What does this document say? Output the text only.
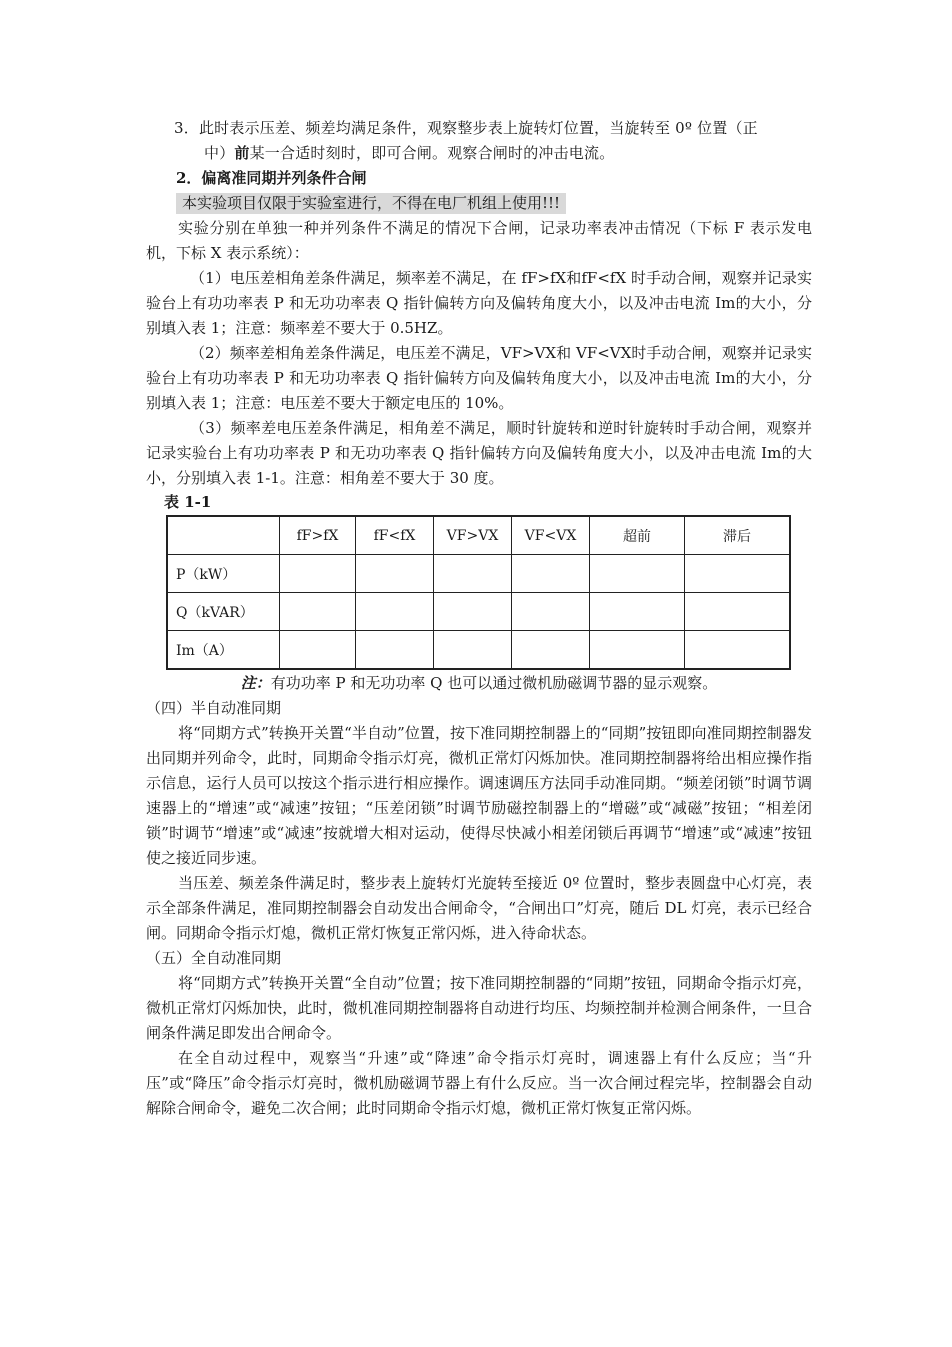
3．此时表示压差、频差均满足条件，观察整步表上旋转灯位置，当旋转至 0º 位置（正
中）前某一合适时刻时，即可合闸。观察合闸时的冲击电流。
2．偏离准同期并列条件合闸
本实验项目仅限于实验室进行，不得在电厂机组上使用!!!
实验分别在单独一种并列条件不满足的情况下合闸，记录功率表冲击情况（下标 F 表示发电机，下标 X 表示系统）：
（1）电压差相角差条件满足，频率差不满足，在 fF>fX和fF<fX 时手动合闸，观察并记录实验台上有功功率表 P 和无功功率表 Q 指针偏转方向及偏转角度大小，以及冲击电流 Im的大小，分别填入表 1；注意：频率差不要大于 0.5HZ。
（2）频率差相角差条件满足，电压差不满足，VF>VX和 VF<VX时手动合闸，观察并记录实验台上有功功率表 P 和无功功率表 Q 指针偏转方向及偏转角度大小，以及冲击电流 Im的大小，分别填入表 1；注意：电压差不要大于额定电压的 10%。
（3）频率差电压差条件满足，相角差不满足，顺时针旋转和逆时针旋转时手动合闸，观察并记录实验台上有功功率表 P 和无功功率表 Q 指针偏转方向及偏转角度大小，以及冲击电流 Im的大小，分别填入表 1-1。注意：相角差不要大于 30 度。
表 1-1
	fF>fX	fF<fX	VF>VX	VF<VX	超前	滞后
P（kW）						
Q（kVAR）						
Im（A）						
注：有功功率 P 和无功功率 Q 也可以通过微机励磁调节器的显示观察。
（四）半自动准同期
将“同期方式”转换开关置“半自动”位置，按下准同期控制器上的“同期”按钮即向准同期控制器发出同期并列命令，此时，同期命令指示灯亮，微机正常灯闪烁加快。准同期控制器将给出相应操作指示信息，运行人员可以按这个指示进行相应操作。调速调压方法同手动准同期。“频差闭锁”时调节调速器上的“增速”或“减速”按钮；“压差闭锁”时调节励磁控制器上的“增磁”或“减磁”按钮；“相差闭锁”时调节“增速”或“减速”按就增大相对运动，使得尽快减小相差闭锁后再调节“增速”或“减速”按钮使之接近同步速。
当压差、频差条件满足时，整步表上旋转灯光旋转至接近 0º 位置时，整步表圆盘中心灯亮，表示全部条件满足，准同期控制器会自动发出合闸命令，“合闸出口”灯亮，随后 DL 灯亮，表示已经合闸。同期命令指示灯熄，微机正常灯恢复正常闪烁，进入待命状态。
（五）全自动准同期
将“同期方式”转换开关置“全自动”位置；按下准同期控制器的“同期”按钮，同期命令指示灯亮，微机正常灯闪烁加快，此时，微机准同期控制器将自动进行均压、均频控制并检测合闸条件，一旦合闸条件满足即发出合闸命令。
在全自动过程中，观察当“升速”或“降速”命令指示灯亮时，调速器上有什么反应；当“升压”或“降压”命令指示灯亮时，微机励磁调节器上有什么反应。当一次合闸过程完毕，控制器会自动解除合闸命令，避免二次合闸；此时同期命令指示灯熄，微机正常灯恢复正常闪烁。
